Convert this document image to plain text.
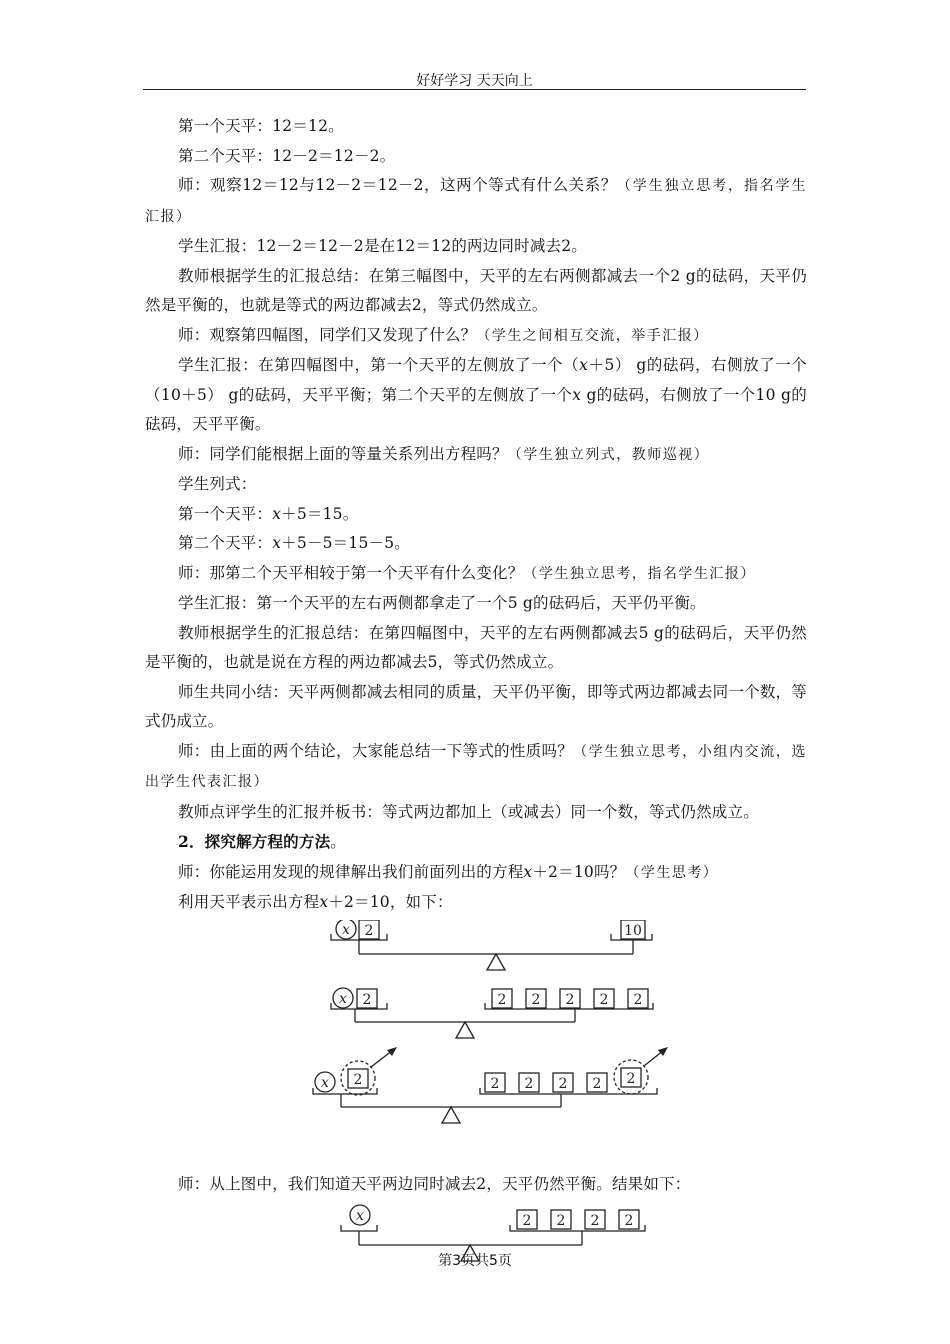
好好学习 天天向上

第一个天平：12＝12。

第二个天平：12－2＝12－2。

师：观察12＝12与12－2＝12－2，这两个等式有什么关系？（学生独立思考，指名学生汇报）

学生汇报：12－2＝12－2是在12＝12的两边同时减去2。

教师根据学生的汇报总结：在第三幅图中，天平的左右两侧都减去一个2 g的砝码，天平仍然是平衡的，也就是等式的两边都减去2，等式仍然成立。

师：观察第四幅图，同学们又发现了什么？（学生之间相互交流，举手汇报）

学生汇报：在第四幅图中，第一个天平的左侧放了一个（x＋5） g的砝码，右侧放了一个（10＋5） g的砝码，天平平衡；第二个天平的左侧放了一个x g的砝码，右侧放了一个10 g的砝码，天平平衡。

师：同学们能根据上面的等量关系列出方程吗？（学生独立列式，教师巡视）

学生列式：

第一个天平：x＋5＝15。

第二个天平：x＋5－5＝15－5。

师：那第二个天平相较于第一个天平有什么变化？（学生独立思考，指名学生汇报）

学生汇报：第一个天平的左右两侧都拿走了一个5 g的砝码后，天平仍平衡。

教师根据学生的汇报总结：在第四幅图中，天平的左右两侧都减去5 g的砝码后，天平仍然是平衡的，也就是说在方程的两边都减去5，等式仍然成立。

师生共同小结：天平两侧都减去相同的质量，天平仍平衡，即等式两边都减去同一个数，等式仍成立。

师：由上面的两个结论，大家能总结一下等式的性质吗？（学生独立思考，小组内交流，选出学生代表汇报）

教师点评学生的汇报并板书：等式两边都加上（或减去）同一个数，等式仍然成立。

2．探究解方程的方法。

师：你能运用发现的规律解出我们前面列出的方程x＋2＝10吗？（学生思考）

利用天平表示出方程x＋2＝10，如下：

x 2	10
x 2	2 2 2 2 2
x 2	2 2 2 2 2

师：从上图中，我们知道天平两边同时减去2，天平仍然平衡。结果如下：

x	2 2 2 2
第3页共5页
